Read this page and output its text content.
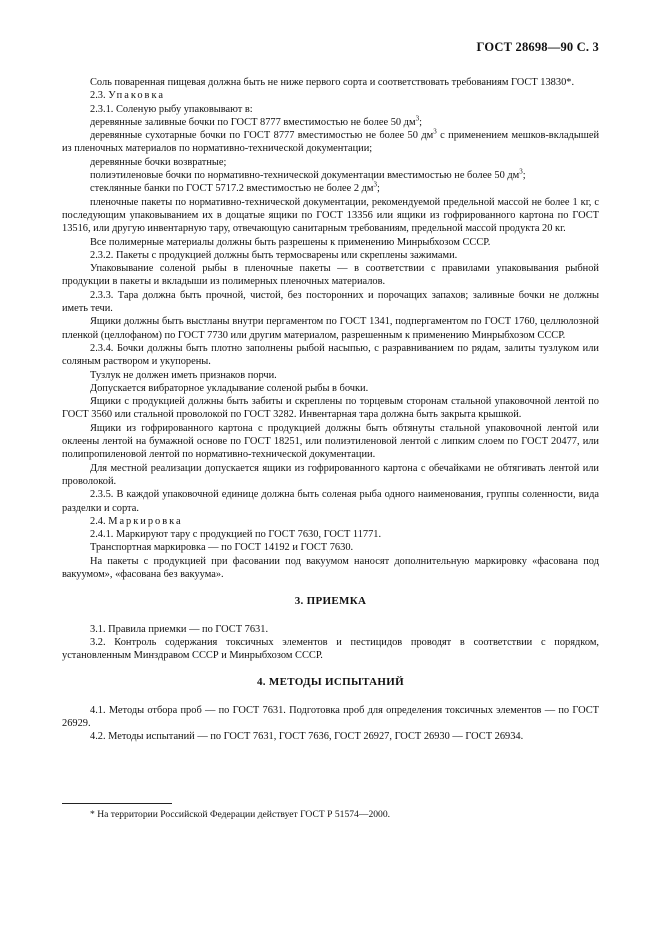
ГОСТ 28698—90 С. 3

Соль поваренная пищевая должна быть не ниже первого сорта и соответствовать требованиям ГОСТ 13830*.

2.3. Упаковка

2.3.1. Соленую рыбу упаковывают в:

деревянные заливные бочки по ГОСТ 8777 вместимостью не более 50 $дм^3$;

деревянные сухотарные бочки по ГОСТ 8777 вместимостью не более 50 $дм^3$ с применением мешков-вкладышей из пленочных материалов по нормативно-технической документации;

деревянные бочки возвратные;

полиэтиленовые бочки по нормативно-технической документации вместимостью не более 50 $дм^3$;

стеклянные банки по ГОСТ 5717.2 вместимостью не более 2 $дм^3$;

пленочные пакеты по нормативно-технической документации, рекомендуемой предельной массой не более 1 кг, с последующим упаковыванием их в дощатые ящики по ГОСТ 13356 или ящики из гофрированного картона по ГОСТ 13516, или другую инвентарную тару, отвечающую санитарным требованиям, предельной массой продукта 20 кг.

Все полимерные материалы должны быть разрешены к применению Минрыбхозом СССР.

2.3.2. Пакеты с продукцией должны быть термосварены или скреплены зажимами.

Упаковывание соленой рыбы в пленочные пакеты — в соответствии с правилами упаковывания рыбной продукции в пакеты и вкладыши из полимерных пленочных материалов.

2.3.3. Тара должна быть прочной, чистой, без посторонних и порочащих запахов; заливные бочки не должны иметь течи.

Ящики должны быть выстланы внутри пергаментом по ГОСТ 1341, подпергаментом по ГОСТ 1760, целлюлозной пленкой (целлофаном) по ГОСТ 7730 или другим материалом, разрешенным к применению Минрыбхозом СССР.

2.3.4. Бочки должны быть плотно заполнены рыбой насыпью, с разравниванием по рядам, залиты тузлуком или соляным раствором и укупорены.

Тузлук не должен иметь признаков порчи.

Допускается вибраторное укладывание соленой рыбы в бочки.

Ящики с продукцией должны быть забиты и скреплены по торцевым сторонам стальной упаковочной лентой по ГОСТ 3560 или стальной проволокой по ГОСТ 3282. Инвентарная тара должна быть закрыта крышкой.

Ящики из гофрированного картона с продукцией должны быть обтянуты стальной упаковочной лентой или оклеены лентой на бумажной основе по ГОСТ 18251, или полиэтиленовой лентой с липким слоем по ГОСТ 20477, или полипропиленовой лентой по нормативно-технической документации.

Для местной реализации допускается ящики из гофрированного картона с обечайками не обтягивать лентой или проволокой.

2.3.5. В каждой упаковочной единице должна быть соленая рыба одного наименования, группы соленности, вида разделки и сорта.

2.4. Маркировка

2.4.1. Маркируют тару с продукцией по ГОСТ 7630, ГОСТ 11771.

Транспортная маркировка — по ГОСТ 14192 и ГОСТ 7630.

На пакеты с продукцией при фасовании под вакуумом наносят дополнительную маркировку «фасована под вакуумом», «фасована без вакуума».

3. ПРИЕМКА

3.1. Правила приемки — по ГОСТ 7631.

3.2. Контроль содержания токсичных элементов и пестицидов проводят в соответствии с порядком, установленным Минздравом СССР и Минрыбхозом СССР.

4. МЕТОДЫ ИСПЫТАНИЙ

4.1. Методы отбора проб — по ГОСТ 7631. Подготовка проб для определения токсичных элементов — по ГОСТ 26929.

4.2. Методы испытаний — по ГОСТ 7631, ГОСТ 7636, ГОСТ 26927, ГОСТ 26930 — ГОСТ 26934.

* На территории Российской Федерации действует ГОСТ Р 51574—2000.
